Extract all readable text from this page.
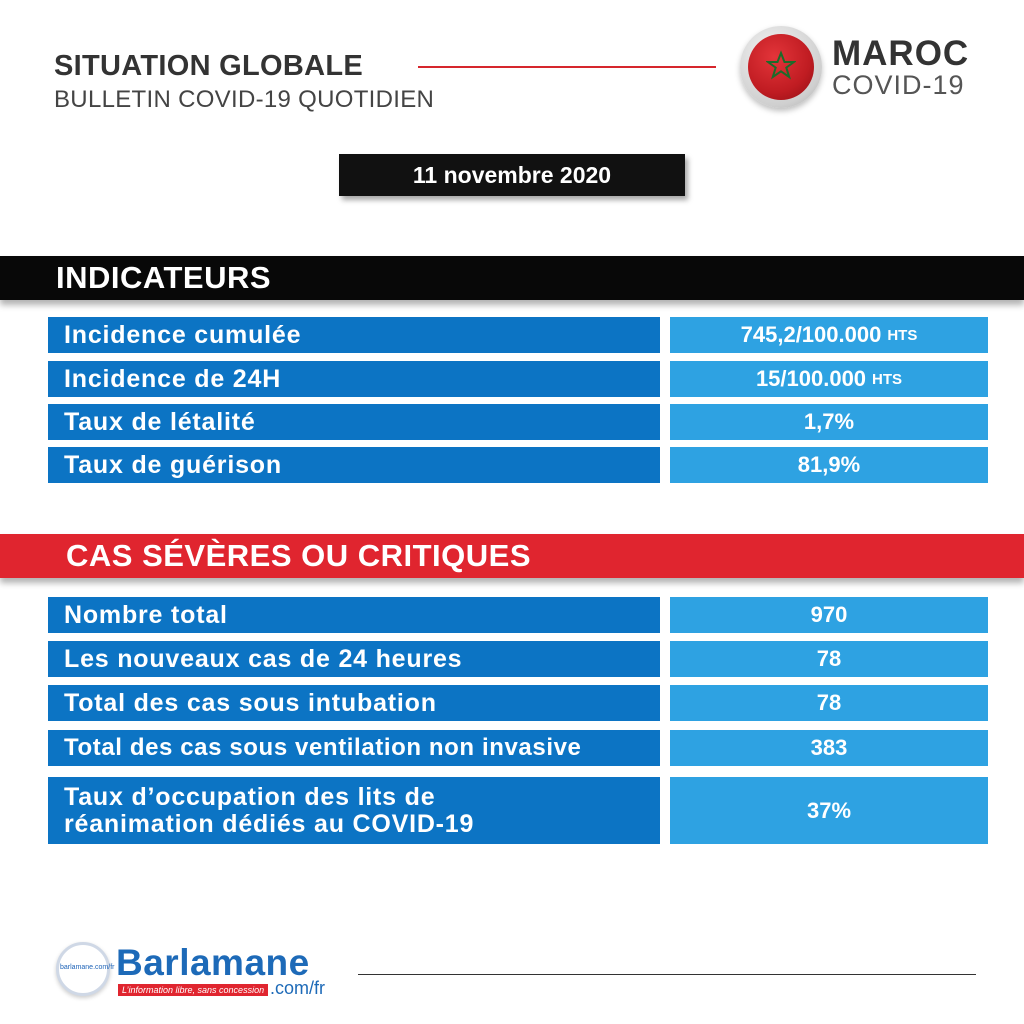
SITUATION GLOBALE
BULLETIN COVID-19 QUOTIDIEN
MAROC
COVID-19
11 novembre 2020
INDICATEURS
Incidence cumulée	745,2/100.000 HTS
Incidence de 24H	15/100.000 HTS
Taux de létalité	1,7%
Taux de guérison	81,9%
CAS SÉVÈRES OU CRITIQUES
Nombre total	970
Les nouveaux cas de 24 heures	78
Total des cas sous intubation	78
Total des cas sous ventilation non invasive	383
Taux d’occupation des lits de
réanimation dédiés au COVID-19	37%
barlamane.com/fr Barlamane
L’information libre, sans concession .com/fr
